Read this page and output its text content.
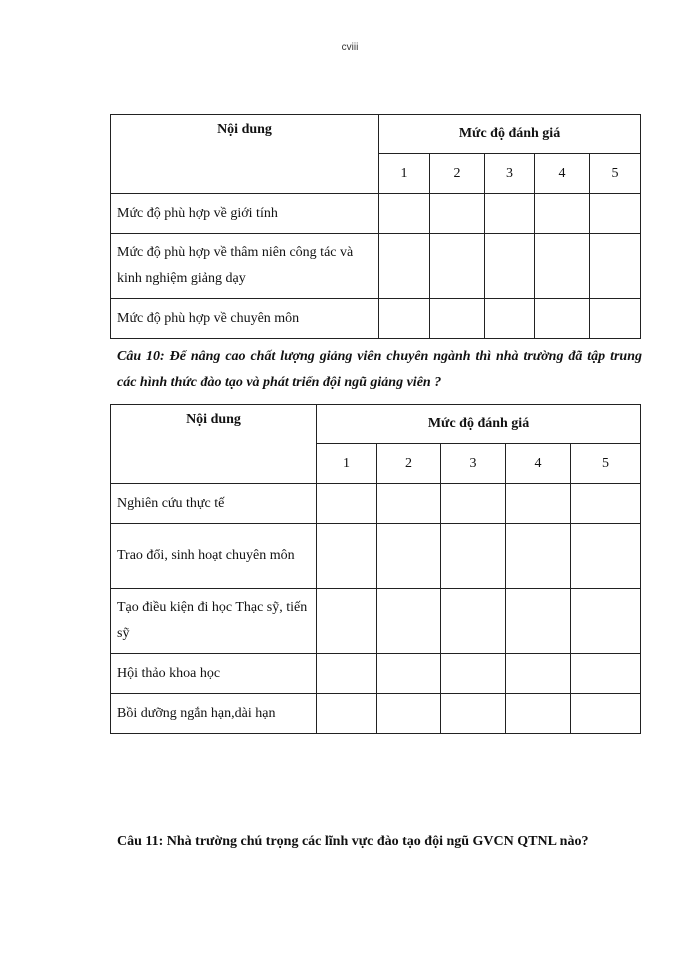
cviii
Nội dung	Mức độ đánh giá				
	1	2	3	4	5
Mức độ phù hợp về giới tính					
Mức độ phù hợp về thâm niên công tác và kinh nghiệm giảng dạy					
Mức độ phù hợp về chuyên môn					
Câu 10: Để nâng cao chất lượng giảng viên chuyên ngành thì nhà trường đã tập trung các hình thức đào tạo và phát triển đội ngũ giảng viên ?
Nội dung	Mức độ đánh giá				
	1	2	3	4	5
Nghiên cứu thực tế					
Trao đổi, sinh hoạt chuyên môn					
Tạo điều kiện đi học Thạc sỹ, tiến sỹ					
Hội thảo khoa học					
Bồi dưỡng ngắn hạn,dài hạn					
Câu 11: Nhà trường chú trọng các lĩnh vực đào tạo đội ngũ GVCN QTNL nào?
